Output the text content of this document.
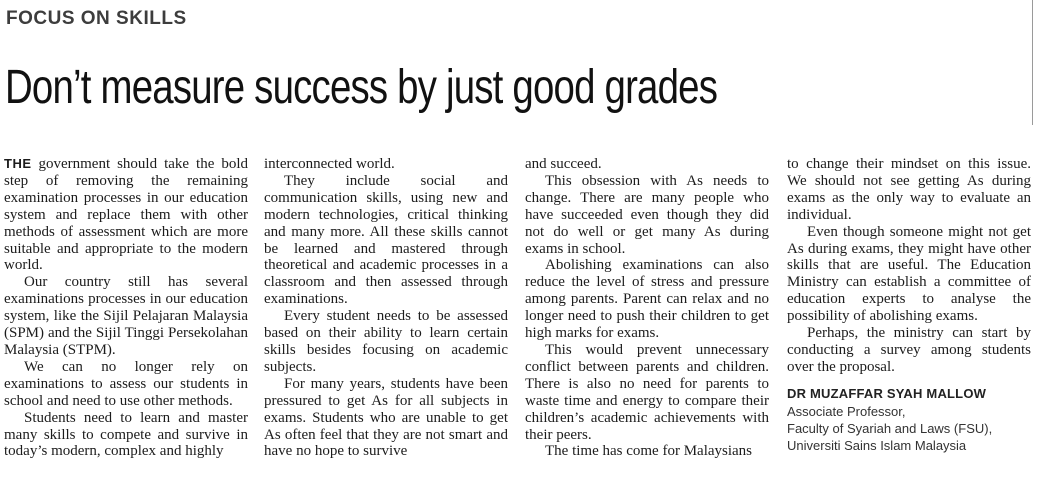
FOCUS ON SKILLS
Don’t measure success by just good grades

THE government should take the bold step of removing the remaining examination processes in our education system and replace them with other methods of assessment which are more suitable and appropriate to the modern world.

Our country still has several examinations processes in our education system, like the Sijil Pelajaran Malaysia (SPM) and the Sijil Tinggi Persekolahan Malaysia (STPM).

We can no longer rely on examinations to assess our students in school and need to use other methods.

Students need to learn and master many skills to compete and survive in today’s modern, complex and highly

interconnected world.

They include social and communication skills, using new and modern technologies, critical thinking and many more. All these skills cannot be learned and mastered through theoretical and academic processes in a classroom and then assessed through examinations.

Every student needs to be assessed based on their ability to learn certain skills besides focusing on academic subjects.

For many years, students have been pressured to get As for all subjects in exams. Students who are unable to get As often feel that they are not smart and have no hope to survive

and succeed.

This obsession with As needs to change. There are many people who have succeeded even though they did not do well or get many As during exams in school.

Abolishing examinations can also reduce the level of stress and pressure among parents. Parent can relax and no longer need to push their children to get high marks for exams.

This would prevent unnecessary conflict between parents and children. There is also no need for parents to waste time and energy to compare their children’s academic achievements with their peers.

The time has come for Malaysians

to change their mindset on this issue. We should not see getting As during exams as the only way to evaluate an individual.

Even though someone might not get As during exams, they might have other skills that are useful. The Education Ministry can establish a committee of education experts to analyse the possibility of abolishing exams.

Perhaps, the ministry can start by conducting a survey among students over the proposal.

DR MUZAFFAR SYAH MALLOW
Associate Professor,
Faculty of Syariah and Laws (FSU),
Universiti Sains Islam Malaysia
